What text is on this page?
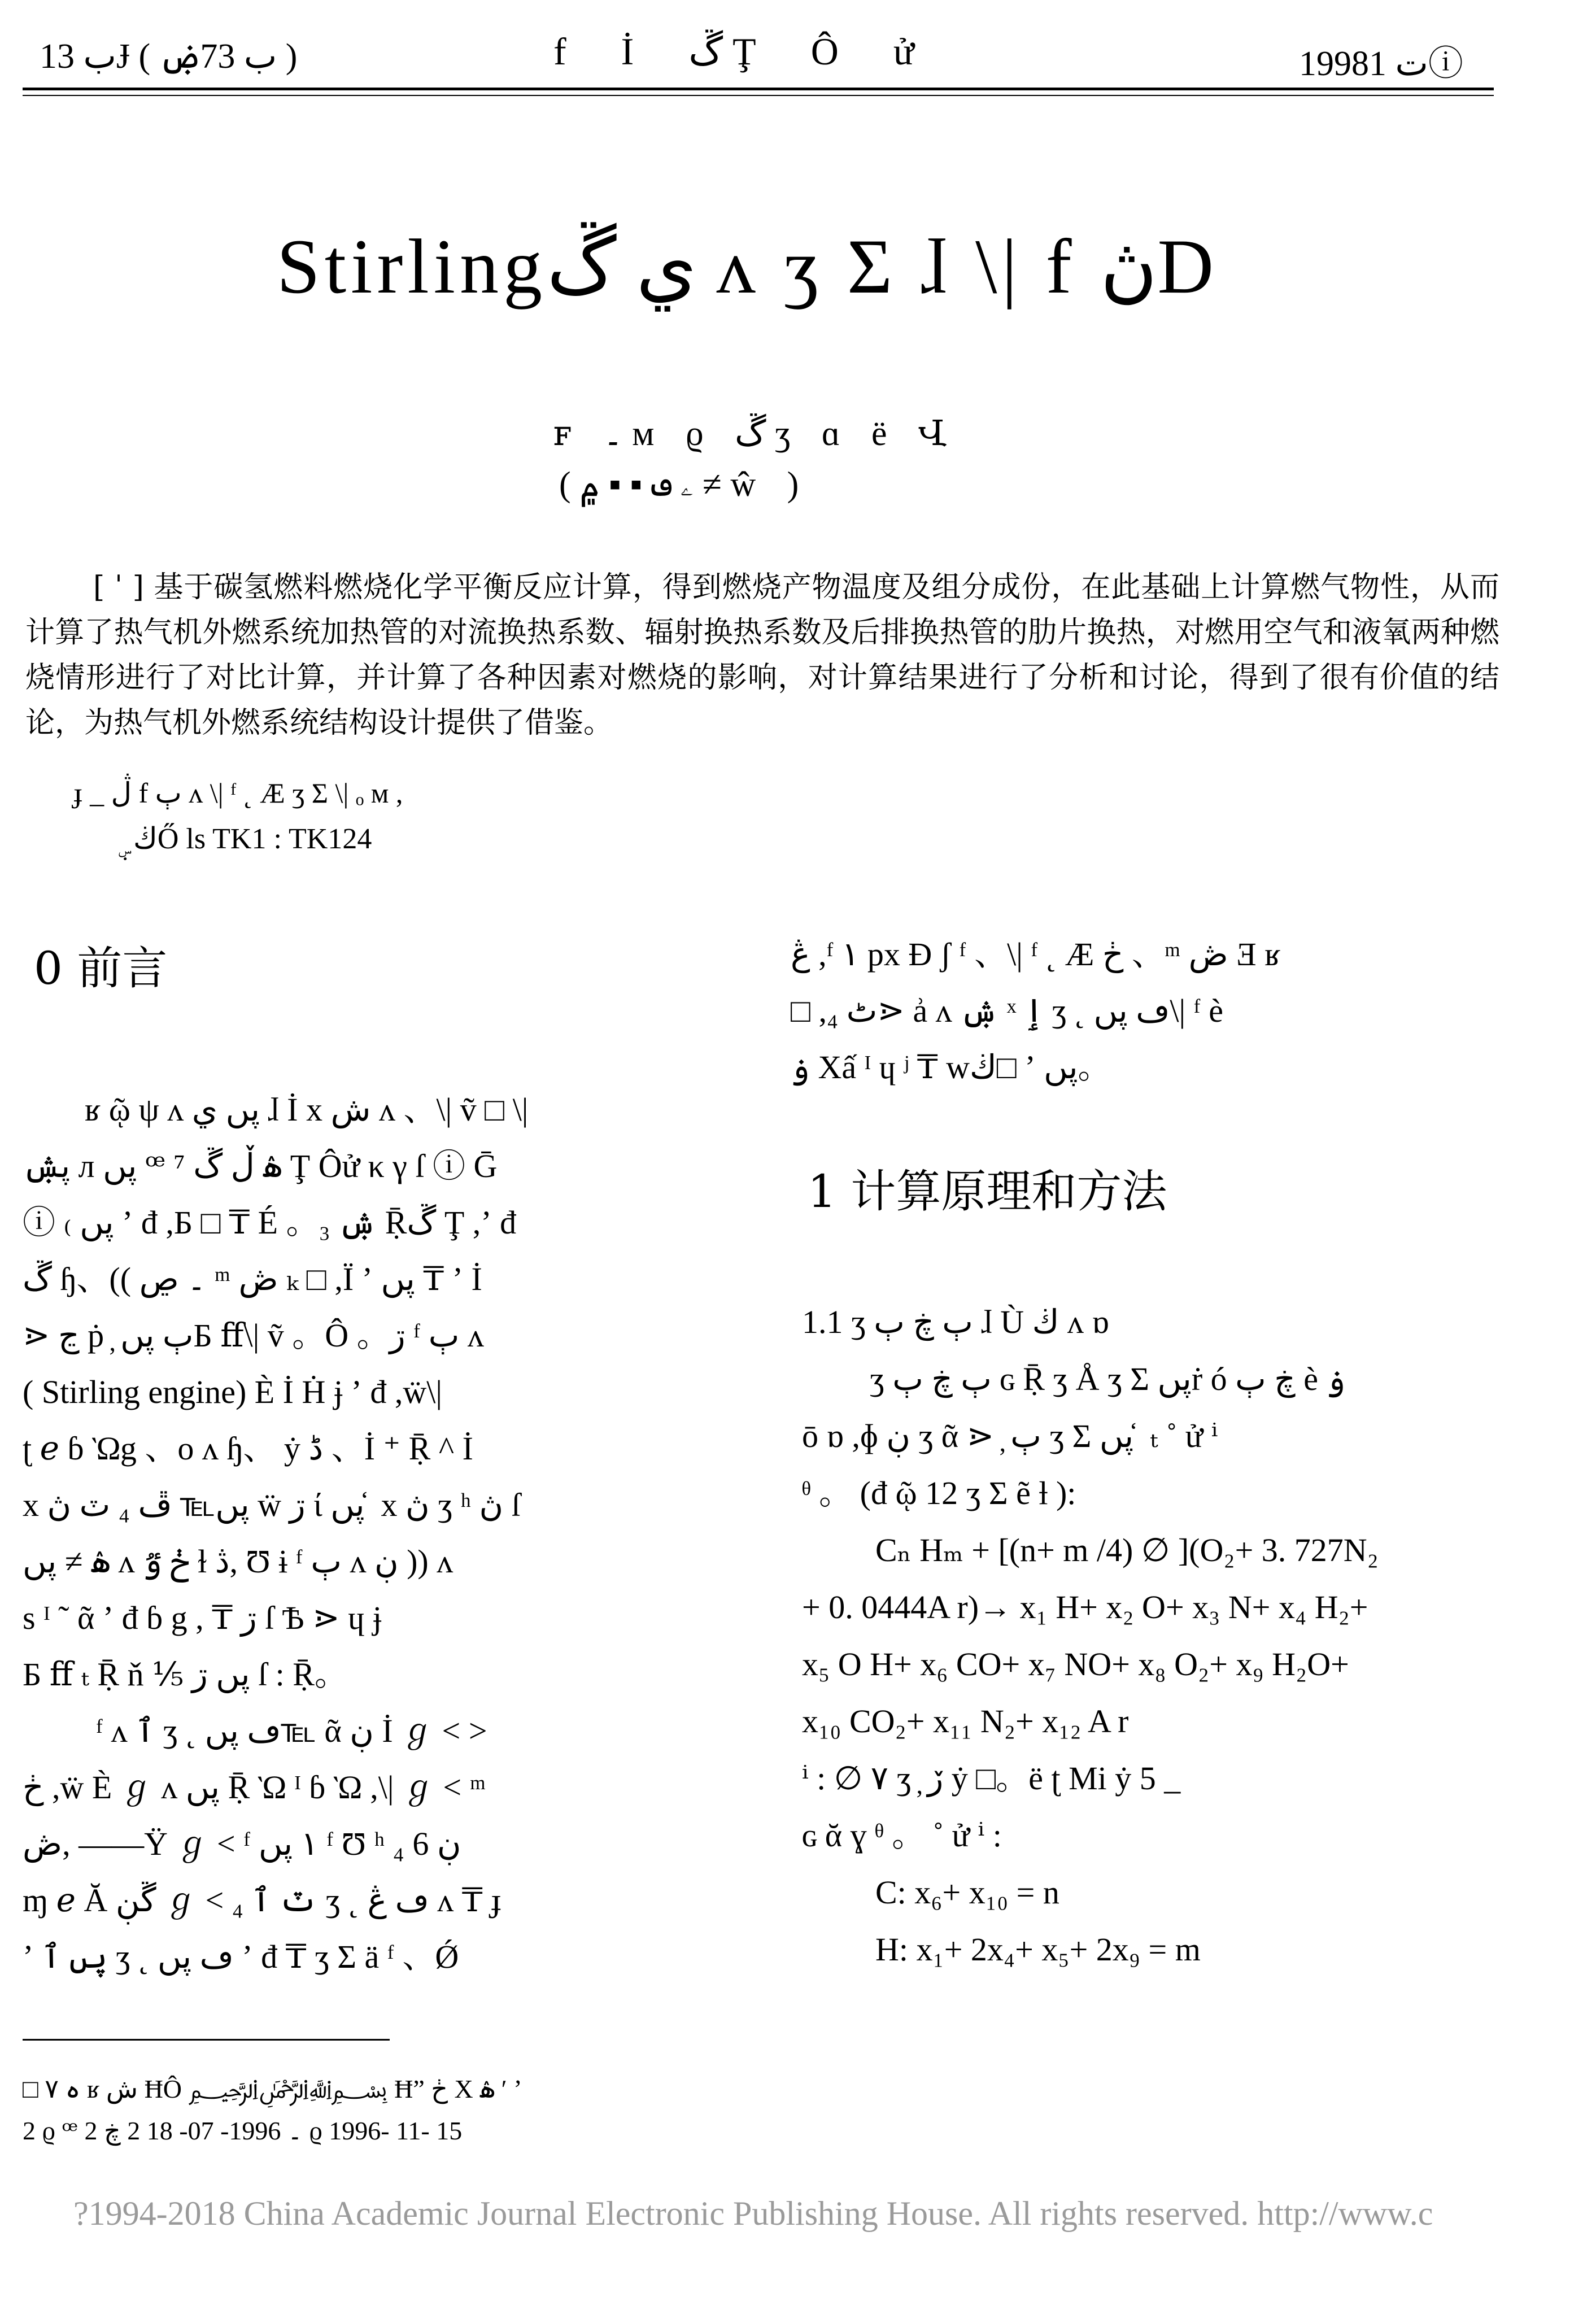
ب 13Ɉ ( ب 73ۻ )	f İ ڱ Ţ Ô ử	1998ت 1ⓘ
Stirlingي ڱ ʌ ʒ Ʃ ɺ \| f ڽD
ꜰ ۔ ᴍ ϱ ڱ ʒ ɑ ë Վ
( ۦ ڡ ▪ ▪ ۾ ≠ ŵ )
[ ˈ ] 基于碳氢燃料燃烧化学平衡反应计算，得到燃烧产物温度及组分成份，在此基础上计算燃气物性，从而计算了热气机外燃系统加热管的对流换热系数、辐射换热系数及后排换热管的肋片换热，对燃用空气和液氧两种燃烧情形进行了对比计算，并计算了各种因素对燃烧的影响，对计算结果进行了分析和讨论，得到了很有价值的结论，为热气机外燃系统结构设计提供了借鉴。
ɟ _ ڷ f ٻ ʌ \| ᶠ ˛ Æ ʒ Ʃ \| ₒ ᴍ ,
ٜ ۣ ڬŐ ls TK1 : TK124
0 前言
1 计算原理和方法
ʁ ῷ ψ ʌ پں ي ɺ İ x ش ʌ 、\| ṽ □ \|
ڽۺ л پں ꟹ ⁷ ۿ ڵ ڱ Ţ Ôử κ γ ſ ⓘ Ḡ
ⓘ ₍ پں ʼ đ ,Ƃ □ ₸ É 。ۺ ₃ Ṝڱ Ţ ,ʼ đ
ڱ ɧ、(( ۔ ڝ ᵐ ڞ ₖ □ ,Ï ʼ پں ₸ ʼ İ
⋗ ڃ ṗ ̦ ٻ پںƂ ﬀ\| ṽ 。Ô 。ڗ ᶠ ٻ ʌ
( Stirling engine) È İ Ḣ ɉ ʼ đ ,ẅ\|
ʈ ℯ ɓ Ὼg 、ο ʌ ɧ、 ẏ ڈ 、İ ⁺ Ṝ ^ İ
x پں℡ ڦ ₄ ٽ ڽ ẅ ڗ ί پں ̒ x ڽ ʒ ʰ ڽ ſ
ۿ ≠ پں ʌ ڂ ٷ ɫ ڎ, Ʊ ɨ ᶠ ٻ ʌ ڹ )) ʌ
s ᴵ ˜ ᾶ ʼ đ ɓ g , ₸ ڗ ſ Ѣ ⋗ ɥ ɉ
Ƃ ﬀ ₜ Ṝ ň ⅕ پں ڗ ſ : Ṝ。
ᶠ ʌ ٱ ʒ ˛ ڡ پں℡ ᾶ ڹ İ ℊ ˂ ˃
ڂ ,ẅ È ℊ ʌ پں Ṝ Ὼ ᴵ ɓ Ὼ ,\| ℊ ˂ ᵐ
ڞ, ——Ÿ ℊ ˂ ᶠ ١ پں ᶠ Ʊ ʰ ₄ ڹ 6
ɱ ℯ Ă ڱڹ ℊ ˂ ₄ ٽ ٱ ʒ ˛ ڡ ڠ ʌ ₸ ɟ
ʼ پں ٱ ʒ ˛ ڡ پں ʼ đ ₸ ʒ Ʃ ä ᶠ 、Ǿ
ڠ ,ᶠ ١ px Ɖ ʃ ᶠ 、\| ᶠ ˛ Æ ڂ 、ᵐ ڞ Ǝ ʁ
□ ,₄ ٹ⋗ ẚ ʌ ۺ ˣ ٳ ʒ ˛ ڡ پں\| ᶠ è
ۏ Xấ ᴵ ɥ ʲ ₸ wڬ□ ʼ پں。
1.1 ʒ ٻ ڿ ٻ ɺ Ù ڬ ʌ ɒ
ʒ ٻ ڿ ٻ ɢ Ṝ ʒ Å ʒ Ʃ پںṙ ó ڿ ٻ è ۏ
ō ɒ ,ɸ ڹ ʒ ᾶ ⋗ ̦ ٻ ʒ Ʃ پں ̒ ₜ ˚ ử ⁱ
ᶿ 。 (đ ῷ 12 ʒ Ʃ ẽ ƚ ):
Cₙ Hₘ + [(n+ m /4) ∅ ](O₂+ 3. 727N₂
+ 0. 0444A r)→ x₁ H+ x₂ O+ x₃ N+ x₄ H₂+
x₅ O H+ x₆ CO+ x₇ NO+ x₈ O₂+ x₉ H₂O+
x₁₀ CO₂+ x₁₁ N₂+ x₁₂ A r
ⁱ : ∅ ۷ ʒ ̦ ڒ ẏ □。ë ʈ Mi ẏ 5 _
ɢ ᾰ ɣ ᶿ 。 ˚ ử ⁱ :
C: x₆+ x₁₀ = n
H: x₁+ 2x₄+ x₅+ 2x₉ = m
□ ہ ۷ ʁ ش ĦÔ ﷽ Ħ” ڂ X ۿ ʹ ʼ
2 ϱ ꟹ ۔ 1996- 07- 18 2 ڿ 2 ϱ 1996- 11- 15
?1994-2018 China Academic Journal Electronic Publishing House. All rights reserved. http://www.c
